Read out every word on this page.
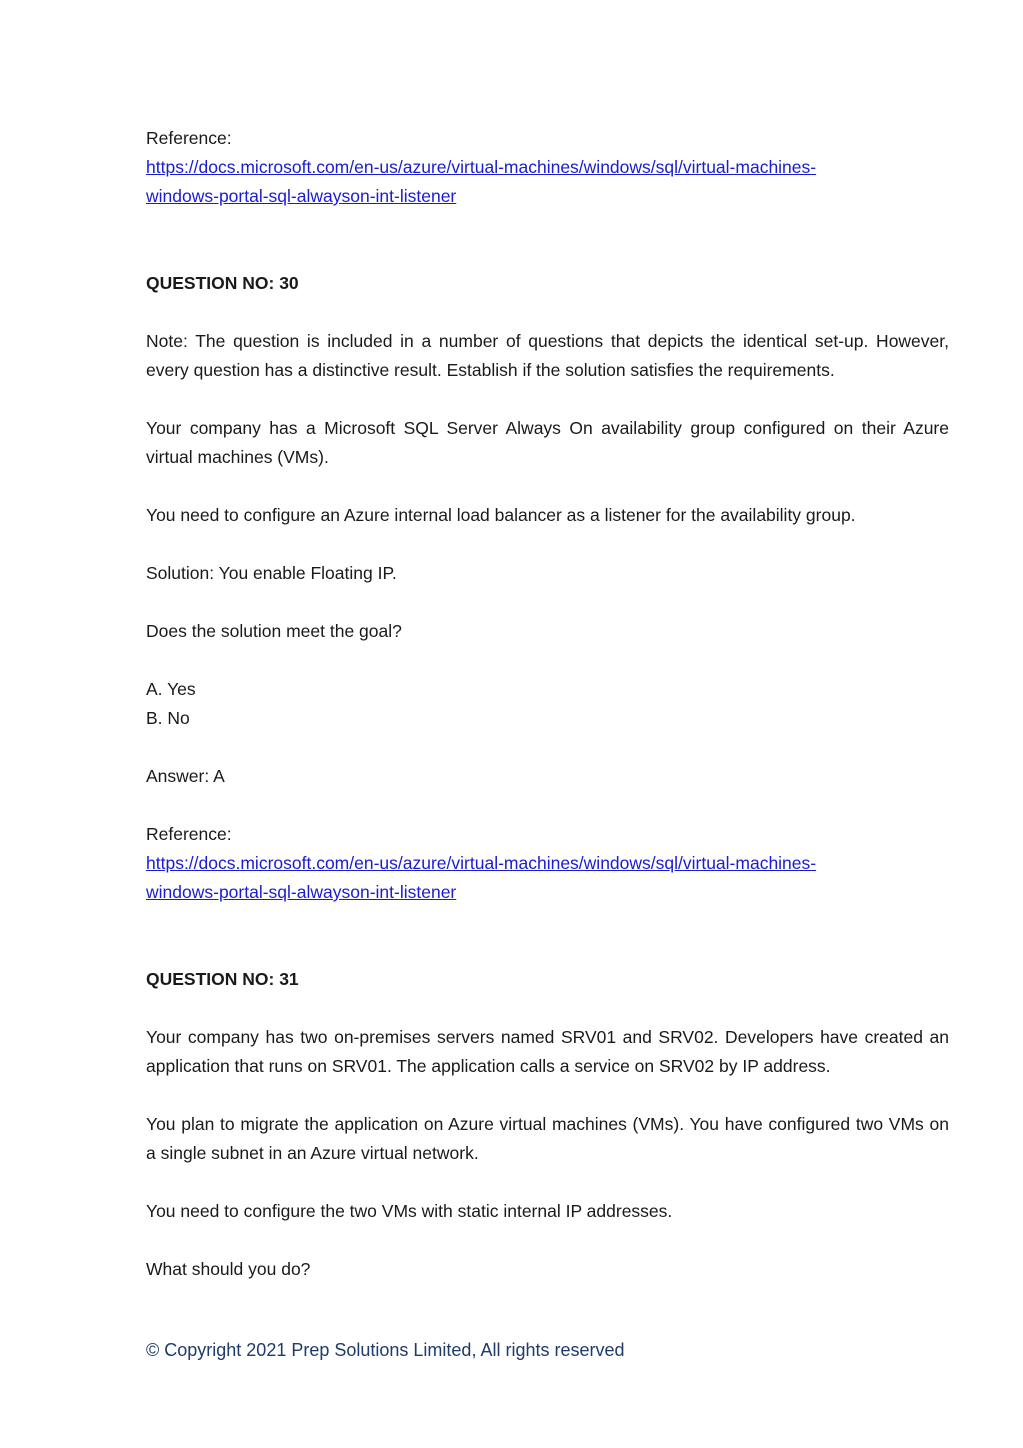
Reference:
https://docs.microsoft.com/en-us/azure/virtual-machines/windows/sql/virtual-machines-
windows-portal-sql-alwayson-int-listener
QUESTION NO: 30

Note: The question is included in a number of questions that depicts the identical set-up. However, every question has a distinctive result. Establish if the solution satisfies the requirements.

Your company has a Microsoft SQL Server Always On availability group configured on their Azure virtual machines (VMs).

You need to configure an Azure internal load balancer as a listener for the availability group.

Solution: You enable Floating IP.

Does the solution meet the goal?

A. Yes
B. No

Answer: A

Reference:
https://docs.microsoft.com/en-us/azure/virtual-machines/windows/sql/virtual-machines-
windows-portal-sql-alwayson-int-listener
QUESTION NO: 31

Your company has two on-premises servers named SRV01 and SRV02. Developers have created an application that runs on SRV01. The application calls a service on SRV02 by IP address.

You plan to migrate the application on Azure virtual machines (VMs). You have configured two VMs on a single subnet in an Azure virtual network.

You need to configure the two VMs with static internal IP addresses.

What should you do?

© Copyright 2021 Prep Solutions Limited, All rights reserved
